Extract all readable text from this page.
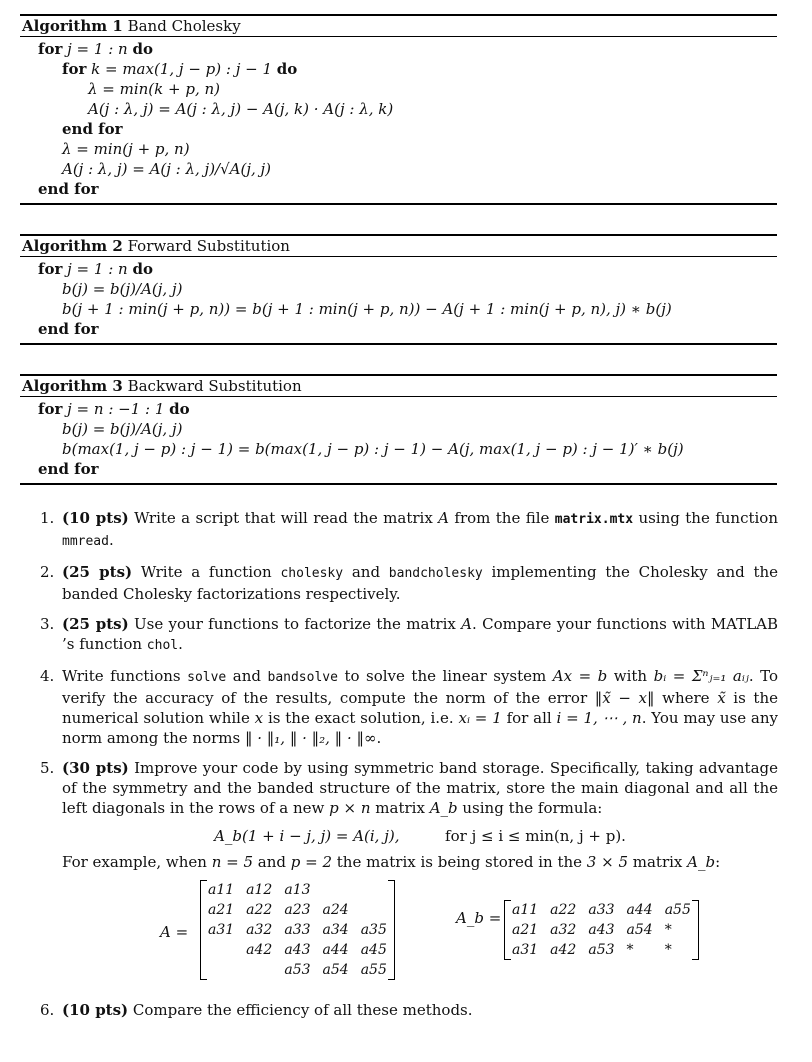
Algorithm 1 Band Cholesky
for j = 1 : n do
for k = max(1, j − p) : j − 1 do
λ = min(k + p, n)
A(j : λ, j) = A(j : λ, j) − A(j, k) · A(j : λ, k)
end for
λ = min(j + p, n)
A(j : λ, j) = A(j : λ, j)/√A(j, j)
end for
Algorithm 2 Forward Substitution
for j = 1 : n do
b(j) = b(j)/A(j, j)
b(j + 1 : min(j + p, n)) = b(j + 1 : min(j + p, n)) − A(j + 1 : min(j + p, n), j) ∗ b(j)
end for
Algorithm 3 Backward Substitution
for j = n : −1 : 1 do
b(j) = b(j)/A(j, j)
b(max(1, j − p) : j − 1) = b(max(1, j − p) : j − 1) − A(j, max(1, j − p) : j − 1)′ ∗ b(j)
end for
1. (10 pts) Write a script that will read the matrix A from the file matrix.mtx using the function mmread.
2. (25 pts) Write a function cholesky and bandcholesky implementing the Cholesky and the banded Cholesky factorizations respectively.
3. (25 pts) Use your functions to factorize the matrix A. Compare your functions with MATLAB ’s function chol.
4. Write functions solve and bandsolve to solve the linear system Ax = b with bᵢ = Σⁿⱼ₌₁ aᵢⱼ. To verify the accuracy of the results, compute the norm of the error ‖x̃ − x‖ where x̃ is the numerical solution while x is the exact solution, i.e. xᵢ = 1 for all i = 1, ⋯ , n. You may use any norm among the norms ‖ · ‖₁, ‖ · ‖₂, ‖ · ‖∞.
5. (30 pts) Improve your code by using symmetric band storage. Specifically, taking advantage of the symmetry and the banded structure of the matrix, store the main diagonal and all the left diagonals in the rows of a new p × n matrix A_b using the formula:
A_b(1 + i − j, j) = A(i, j),	for j ≤ i ≤ min(n, j + p).
For example, when n = 5 and p = 2 the matrix is being stored in the 3 × 5 matrix A_b:
A =
a11	a12	a13		
a21	a22	a23	a24	
a31	a32	a33	a34	a35
	a42	a43	a44	a45
		a53	a54	a55
A_b = a11	a22	a33	a44	a55
a21	a32	a43	a54	*
a31	a42	a53	*	*
6. (10 pts) Compare the efficiency of all these methods.
